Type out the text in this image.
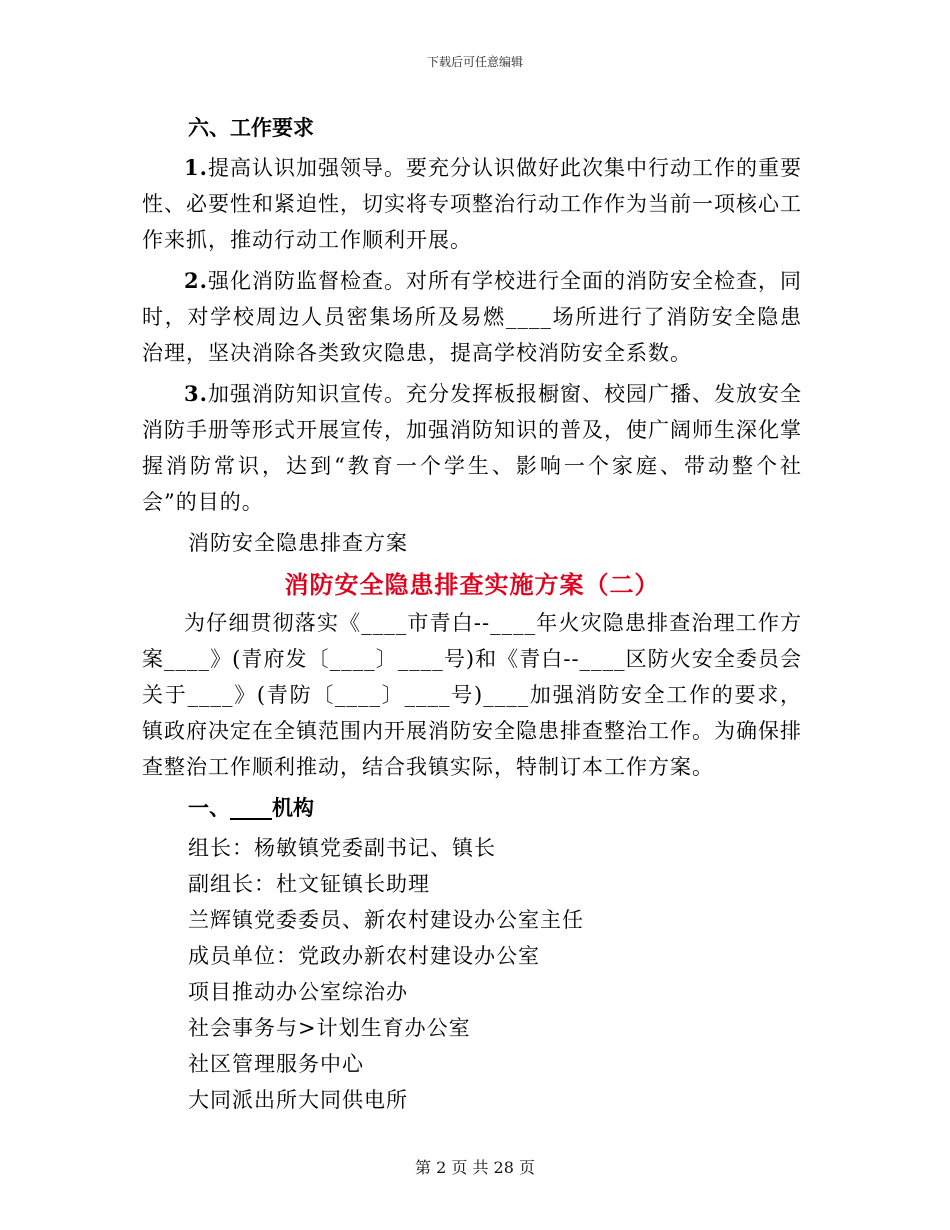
下载后可任意编辑

六、工作要求

1.提高认识加强领导。要充分认识做好此次集中行动工作的重要性、必要性和紧迫性，切实将专项整治行动工作作为当前一项核心工作来抓，推动行动工作顺利开展。

2.强化消防监督检查。对所有学校进行全面的消防安全检查，同时，对学校周边人员密集场所及易燃____场所进行了消防安全隐患治理，坚决消除各类致灾隐患，提高学校消防安全系数。

3.加强消防知识宣传。充分发挥板报橱窗、校园广播、发放安全消防手册等形式开展宣传，加强消防知识的普及，使广阔师生深化掌握消防常识，达到“教育一个学生、影响一个家庭、带动整个社会”的目的。

消防安全隐患排查方案

消防安全隐患排查实施方案（二）

为仔细贯彻落实《____市青白--____年火灾隐患排查治理工作方案____》(青府发〔____〕____号)和《青白--____区防火安全委员会关于____》(青防〔____〕____号)____加强消防安全工作的要求，镇政府决定在全镇范围内开展消防安全隐患排查整治工作。为确保排查整治工作顺利推动，结合我镇实际，特制订本工作方案。

一、____机构

组长：杨敏镇党委副书记、镇长

副组长：杜文钲镇长助理

兰辉镇党委委员、新农村建设办公室主任

成员单位：党政办新农村建设办公室

项目推动办公室综治办

社会事务与>计划生育办公室

社区管理服务中心

大同派出所大同供电所

第 2 页 共 28 页
